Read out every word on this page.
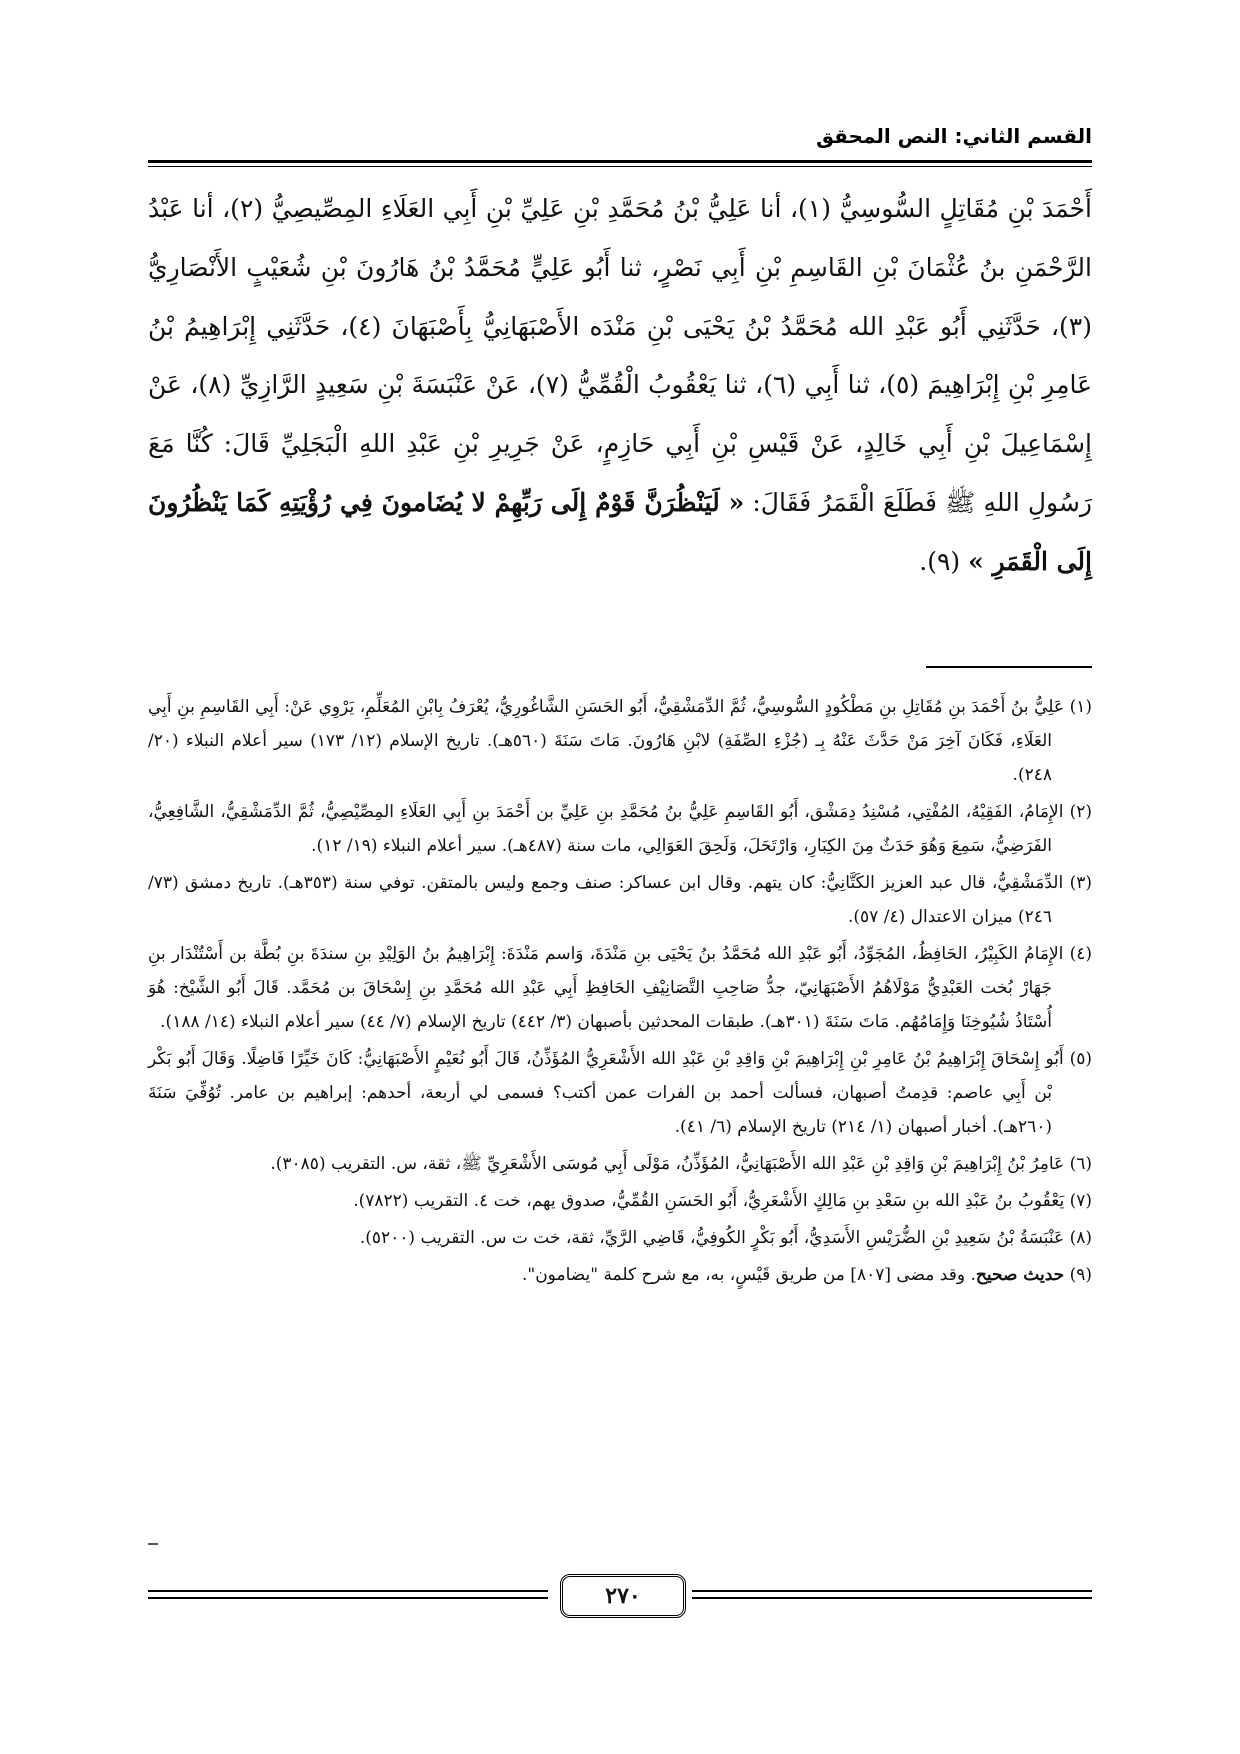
القسم الثاني: النص المحقق

أَحْمَدَ بْنِ مُقَاتِلٍ السُّوسِيُّ (١)، أنا عَلِيُّ بْنُ مُحَمَّدِ بْنِ عَلِيِّ بْنِ أَبِي العَلَاءِ المِصِّيصِيُّ (٢)، أنا عَبْدُ الرَّحْمَنِ بنُ عُثْمَانَ بْنِ القَاسِمِ بْنِ أَبِي نَصْرٍ، ثنا أَبُو عَلِيٍّ مُحَمَّدُ بْنُ هَارُونَ بْنِ شُعَيْبٍ الأَنْصَارِيُّ (٣)، حَدَّثَنِي أَبُو عَبْدِ الله مُحَمَّدُ بْنُ يَحْيَى بْنِ مَنْدَه الأَصْبَهَانِيُّ بِأَصْبَهَانَ (٤)، حَدَّثَنِي إِبْرَاهِيمُ بْنُ عَامِرِ بْنِ إِبْرَاهِيمَ (٥)، ثنا أَبِي (٦)، ثنا يَعْقُوبُ الْقُمِّيُّ (٧)، عَنْ عَنْبَسَةَ بْنِ سَعِيدٍ الرَّازِيِّ (٨)، عَنْ إِسْمَاعِيلَ بْنِ أَبِي خَالِدٍ، عَنْ قَيْسِ بْنِ أَبِي حَازِمٍ، عَنْ جَرِيرِ بْنِ عَبْدِ اللهِ الْبَجَلِيِّ قَالَ: كُنَّا مَعَ رَسُولِ اللهِ ﷺ فَطَلَعَ الْقَمَرُ فَقَالَ: « لَيَنْظُرَنَّ قَوْمٌ إِلَى رَبِّهِمْ لا يُضَامونَ فِي رُؤْيَتِهِ كَمَا يَنْظُرُونَ إِلَى الْقَمَرِ » (٩).

(١) عَلِيُّ بنُ أَحْمَدَ بنِ مُقَاتِلِ بنِ مَطْكُودٍ السُّوسِيُّ، ثُمَّ الدِّمَشْقِيُّ، أَبُو الحَسَنِ الشَّاغُورِيُّ، يُعْرَفُ بِابْنِ المُعَلِّمِ، يَرْوِي عَنْ: أَبِي القَاسِمِ بنِ أَبِي العَلَاءِ، فَكَانَ آخِرَ مَنْ حَدَّثَ عَنْهُ بِـ (جُزْءِ الصِّفَةِ) لابْنِ هَارُونَ. مَاتَ سَنَةَ (٥٦٠هـ). تاريخ الإسلام (١٢/ ١٧٣) سير أعلام النبلاء (٢٠/ ٢٤٨).
(٢) الإِمَامُ، الفَقِيْهُ، المُفْتِي، مُسْنِدُ دِمَشْق، أَبُو القَاسِمِ عَلِيُّ بنُ مُحَمَّدِ بنِ عَلِيِّ بن أَحْمَدَ بنِ أَبِي العَلَاءِ المِصِّيْصِيُّ، ثُمَّ الدِّمَشْقِيُّ، الشَّافِعِيُّ، الفَرَضِيُّ، سَمِعَ وَهُوَ حَدَثٌ مِنَ الكِبَارِ، وَارْتَحَلَ، وَلَحِقَ العَوَالِي، مات سنة (٤٨٧هـ). سير أعلام النبلاء (١٩/ ١٢).
(٣) الدِّمَشْقِيُّ، قال عبد العزيز الكَتَّانِيُّ: كان يتهم. وقال ابن عساكر: صنف وجمع وليس بالمتقن. توفي سنة (٣٥٣هـ). تاريخ دمشق (٧٣/ ٢٤٦) ميزان الاعتدال (٤/ ٥٧).
(٤) الإِمَامُ الكَبِيْرُ، الحَافِظُ، المُجَوِّدُ، أَبُو عَبْدِ الله مُحَمَّدُ بنُ يَحْيَى بنِ مَنْدَةَ، وَاسم مَنْدَةَ: إِبْرَاهِيمُ بنُ الوَلِيْدِ بنِ سندَةَ بنِ بُطَّة بن أَسْتُنْدَار بنِ جَهَارْ بُخت العَبْدِيُّ مَوْلَاهُمُ الأَصْبَهَانِيّ، جدُّ صَاحِبِ التَّصَانِيْفِ الحَافِظِ أَبِي عَبْدِ الله مُحَمَّدِ بنِ إِسْحَاقَ بن مُحَمَّد. قَالَ أَبُو الشَّيْخ: هُوَ أُسْتَاذُ شُيُوخِنَا وَإِمَامُهُم. مَاتَ سَنَةَ (٣٠١هـ). طبقات المحدثين بأصبهان (٣/ ٤٤٢) تاريخ الإسلام (٧/ ٤٤) سير أعلام النبلاء (١٤/ ١٨٨).
(٥) أَبُو إِسْحَاقَ إِبْرَاهِيمُ بْنُ عَامِرِ بْنِ إِبْرَاهِيمَ بْنِ وَاقِدِ بْنِ عَبْدِ الله الأَشْعَرِيُّ المُؤَذِّنُ، قَالَ أَبُو نُعَيْمٍ الأَصْبَهَانِيُّ: كَانَ خَيِّرًا فَاضِلًا. وَقَالَ أَبُو بَكْر بْن أَبِي عاصم: قدِمتُ أصبهان، فسألت أحمد بن الفرات عمن أكتب؟ فسمى لي أربعة، أحدهم: إبراهيم بن عامر. تُوُفِّيَ سَنَةَ (٢٦٠هـ). أخبار أصبهان (١/ ٢١٤) تاريخ الإسلام (٦/ ٤١).
(٦) عَامِرُ بْنُ إِبْرَاهِيمَ بْنِ وَاقِدِ بْنِ عَبْدِ الله الأَصْبَهَانِيُّ، المُؤَذِّنُ، مَوْلَى أَبِي مُوسَى الأَشْعَرِيِّ ﷺ، ثقة، س. التقريب (٣٠٨٥).
(٧) يَعْقُوبُ بنُ عَبْدِ الله بنِ سَعْدِ بنِ مَالِكٍ الأَشْعَرِيُّ، أَبُو الحَسَنِ القُمِّيُّ، صدوق يهم، خت ٤. التقريب (٧٨٢٢).
(٨) عَنْبَسَةُ بْنُ سَعِيدِ بْنِ الضُّرَيْسِ الأَسَدِيُّ، أَبُو بَكْرٍ الكُوفِيُّ، قَاضِي الرَّيِّ، ثقة، خت ت س. التقريب (٥٢٠٠).
(٩) حديث صحيح. وقد مضى [٨٠٧] من طريق قَيْسٍ، به، مع شرح كلمة "يضامون".
٢٧٠
